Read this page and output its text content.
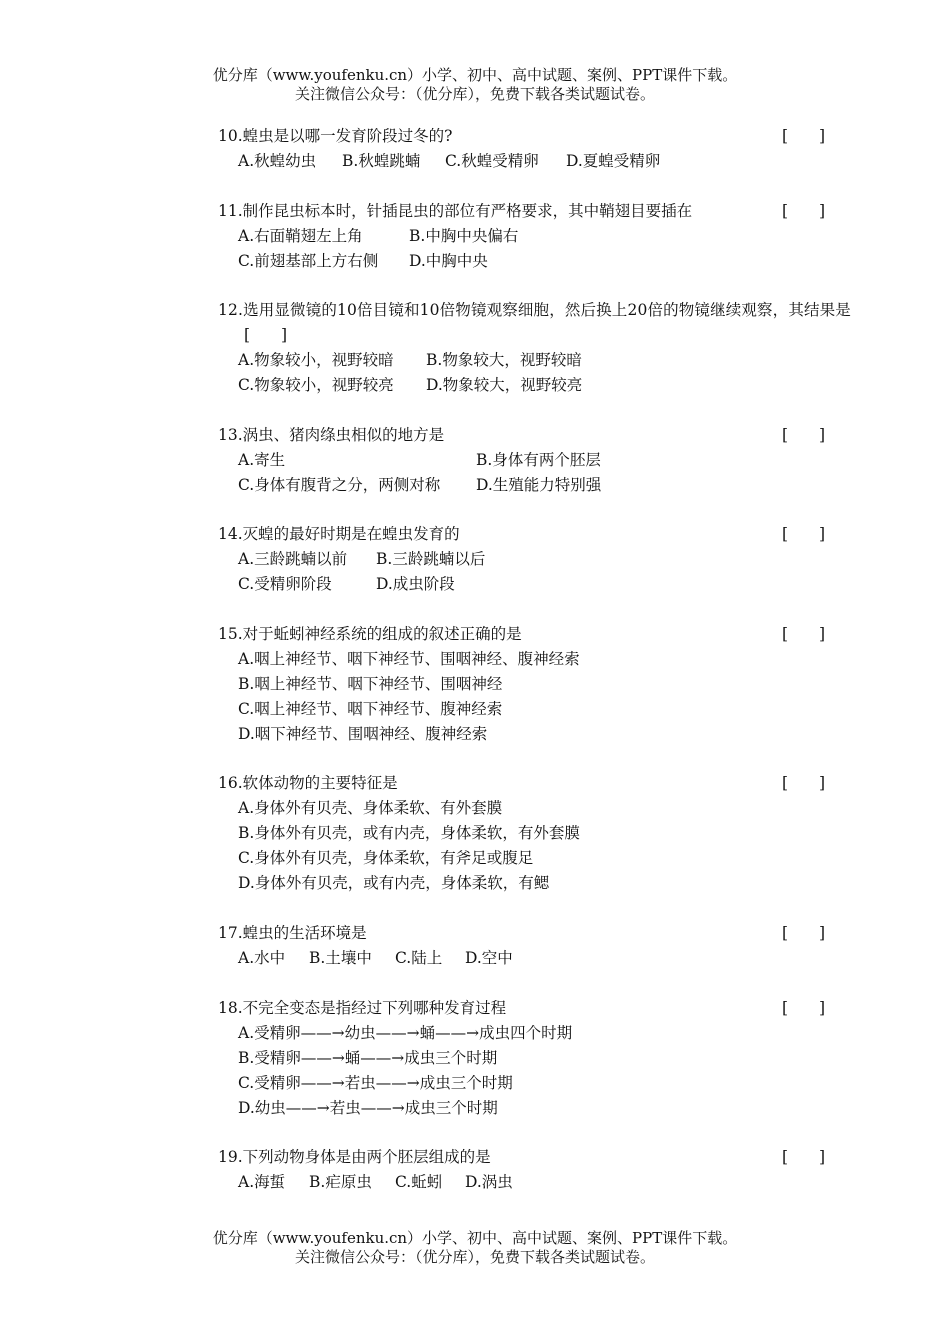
优分库（www.youfenku.cn）小学、初中、高中试题、案例、PPT课件下载。
关注微信公众号：（优分库），免费下载各类试题试卷。
10.蝗虫是以哪一发育阶段过冬的?	[　　]
A.秋蝗幼虫 B.秋蝗跳蝻 C.秋蝗受精卵 D.夏蝗受精卵
11.制作昆虫标本时，针插昆虫的部位有严格要求，其中鞘翅目要插在	[　　]
A.右面鞘翅左上角	B.中胸中央偏右
C.前翅基部上方右侧 D.中胸中央
12.选用显微镜的10倍目镜和10倍物镜观察细胞，然后换上20倍的物镜继续观察，其结果是
[　　]
A.物象较小，视野较暗 B.物象较大，视野较暗
C.物象较小，视野较亮 D.物象较大，视野较亮
13.涡虫、猪肉绦虫相似的地方是	[　　]
A.寄生	B.身体有两个胚层
C.身体有腹背之分，两侧对称 D.生殖能力特别强
14.灭蝗的最好时期是在蝗虫发育的	[　　]
A.三龄跳蝻以前 B.三龄跳蝻以后
C.受精卵阶段	D.成虫阶段
15.对于蚯蚓神经系统的组成的叙述正确的是	[　　]
A.咽上神经节、咽下神经节、围咽神经、腹神经索
B.咽上神经节、咽下神经节、围咽神经
C.咽上神经节、咽下神经节、腹神经索
D.咽下神经节、围咽神经、腹神经索
16.软体动物的主要特征是	[　　]
A.身体外有贝壳、身体柔软、有外套膜
B.身体外有贝壳，或有内壳，身体柔软，有外套膜
C.身体外有贝壳，身体柔软，有斧足或腹足
D.身体外有贝壳，或有内壳，身体柔软，有鳃
17.蝗虫的生活环境是	[　　]
A.水中 B.土壤中 C.陆上 D.空中
18.不完全变态是指经过下列哪种发育过程	[　　]
A.受精卵——→幼虫——→蛹——→成虫四个时期
B.受精卵——→蛹——→成虫三个时期
C.受精卵——→若虫——→成虫三个时期
D.幼虫——→若虫——→成虫三个时期
19.下列动物身体是由两个胚层组成的是	[　　]
A.海蜇 B.疟原虫 C.蚯蚓 D.涡虫
优分库（www.youfenku.cn）小学、初中、高中试题、案例、PPT课件下载。
关注微信公众号：（优分库），免费下载各类试题试卷。
